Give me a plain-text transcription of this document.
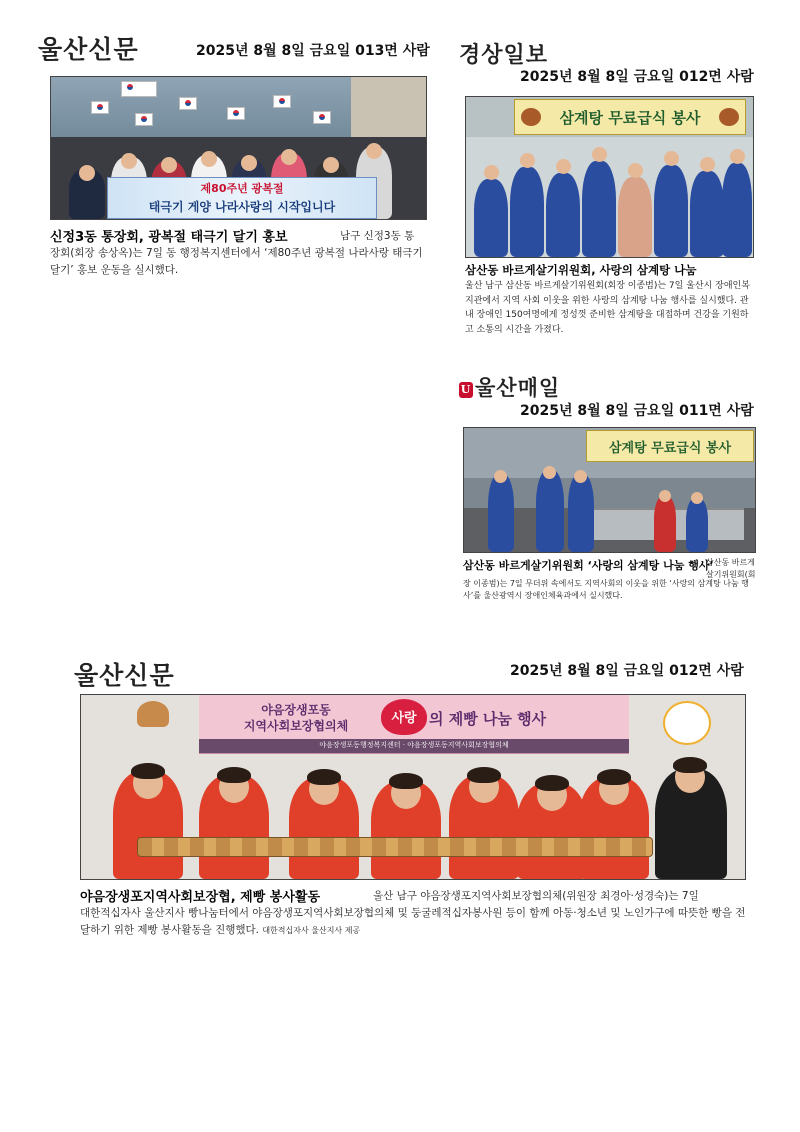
울산신문	2025년 8월 8일 금요일 013면 사람
제80주년 광복절
태극기 게양 나라사랑의 시작입니다
신정3동 통장회, 광복절 태극기 달기 홍보	남구 신정3동 통
장회(회장 송상옥)는 7일 동 행정복지센터에서 ‘제80주년 광복절 나라사랑 태극기 달기’ 홍보 운동을 실시했다.
경상일보
2025년 8월 8일 금요일 012면 사람
삼계탕 무료급식 봉사
삼산동 바르게살기위원회, 사랑의 삼계탕 나눔
울산 남구 삼산동 바르게살기위원회(회장 이종범)는 7일 울산시 장애인복지관에서 지역 사회 이웃을 위한 사랑의 삼계탕 나눔 행사를 실시했다. 관내 장애인 150여명에게 정성껏 준비한 삼계탕을 대접하며 건강을 기원하고 소통의 시간을 가졌다.
U 울산매일
2025년 8월 8일 금요일 011면 사람
삼계탕 무료급식 봉사
삼산동 바르게살기위원회 ‘사랑의 삼계탕 나눔 행사’
삼산동 바르게살기위원회(회
장 이종범)는 7일 무더위 속에서도 지역사회의 이웃을 위한 ‘사랑의 삼계탕 나눔 행사’를 울산광역시 장애인체육과에서 실시했다.
울산신문	2025년 8월 8일 금요일 012면 사람
야음장생포동
지역사회보장협의체	사랑 의 제빵 나눔 행사
야음장생포동행정복지센터 · 야음장생포동지역사회보장협의체
야음장생포지역사회보장협, 제빵 봉사활동	울산 남구 야음장생포지역사회보장협의체(위원장 최경아·성경숙)는 7일
대한적십자사 울산지사 빵나눔터에서 야음장생포지역사회보장협의체 및 둥굴레적십자봉사원 등이 함께 아동·청소년 및 노인가구에 따뜻한 빵을 전달하기 위한 제빵 봉사활동을 진행했다. 대한적십자사 울산지사 제공
